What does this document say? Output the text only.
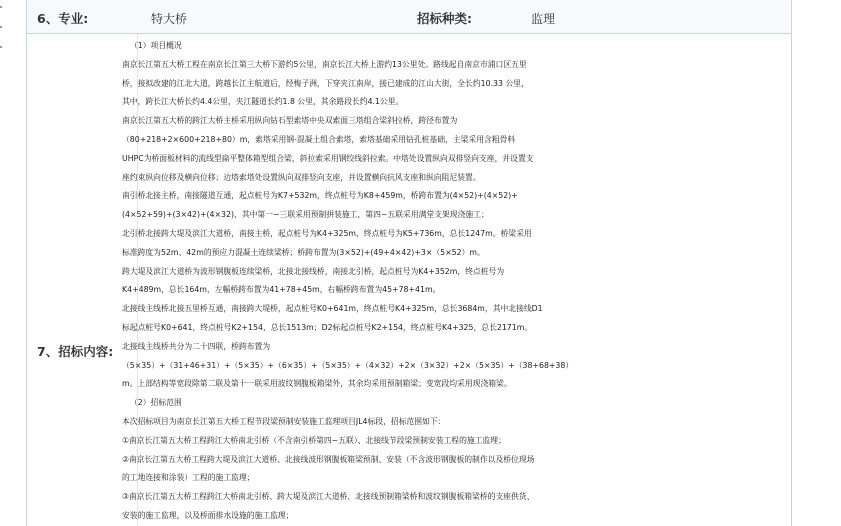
6、专业:	特大桥	招标种类:	监理
7、招标内容:

（1）项目概况

南京长江第五大桥工程在南京长江第三大桥下游约5公里，南京长江大桥上游约13公里处。路线起自南京市浦口区五里

桥，接拟改建的江北大道，跨越长江主航道后，经梅子洲，下穿夹江南岸，接已建成的江山大街，全长约10.33 公里，

其中，跨长江大桥长约4.4公里，夹江隧道长约1.8 公里，其余路段长约4.1公里。

南京长江第五大桥的跨江大桥主桥采用纵向钻石型索塔中央双索面三塔组合梁斜拉桥，跨径布置为

（80+218+2×600+218+80）m，索塔采用钢-混凝土组合索塔，索塔基础采用钻孔桩基础，主梁采用含粗骨料

UHPC为桥面板材料的流线型扁平整体箱型组合梁，斜拉索采用钢绞线斜拉索。中塔处设置纵向双排竖向支座，并设置支

座约束纵向位移及横向位移；边塔索塔处设置纵向双排竖向支座，并设置横向抗风支座和纵向阻尼装置。

南引桥北接主桥，南接隧道互通，起点桩号为K7+532m，终点桩号为K8+459m，桥跨布置为(4×52)+(4×52)+

(4×52+59)+(3×42)+(4×32)，其中第一~三联采用预制拼装施工，第四~五联采用满堂支架现浇施工；

北引桥北接跨大堤及滨江大道桥，南接主桥，起点桩号为K4+325m，终点桩号为K5+736m，总长1247m。桥梁采用

标准跨度为52m、42m的预应力混凝土连续梁桥；桥跨布置为(3×52)+(49+4×42)+3×（5×52）m。

跨大堤及滨江大道桥为波形钢腹板连续梁桥，北接北接线桥，南接北引桥，起点桩号为K4+352m，终点桩号为

K4+489m，总长164m，左幅桥跨布置为41+78+45m，右幅桥跨布置为45+78+41m。

北接线主线桥北接五里桥互通，南接跨大堤桥，起点桩号K0+641m，终点桩号K4+325m，总长3684m，其中北接线D1

标起点桩号K0+641，终点桩号K2+154，总长1513m；D2标起点桩号K2+154，终点桩号K4+325，总长2171m。

北接线主线桥共分为二十四联，桥跨布置为

（5×35）+（31+46+31）+（5×35）+（6×35）+（5×35）+（4×32）+2×（3×32）+2×（5×35）+（38+68+38）

m。上部结构等宽段除第二联及第十一联采用波纹钢腹板箱梁外，其余均采用预制箱梁；变宽段均采用现浇箱梁。

（2）招标范围

本次招标项目为南京长江第五大桥工程节段梁预制安装施工监理项目JL4标段，招标范围如下：

①南京长江第五大桥工程跨江大桥南北引桥（不含南引桥第四~五联）、北接线节段梁预制安装工程的施工监理；

②南京长江第五大桥工程跨大堤及滨江大道桥、北接线波形钢腹板箱梁预制、安装（不含波形钢腹板的制作以及桥位现场

的工地连接和涂装）工程的施工监理；

③南京长江第五大桥工程跨江大桥南北引桥、跨大堤及滨江大道桥、北接线预制箱梁桥和波纹钢腹板箱梁桥的支座供货、

安装的施工监理，以及桥面排水设施的施工监理；
